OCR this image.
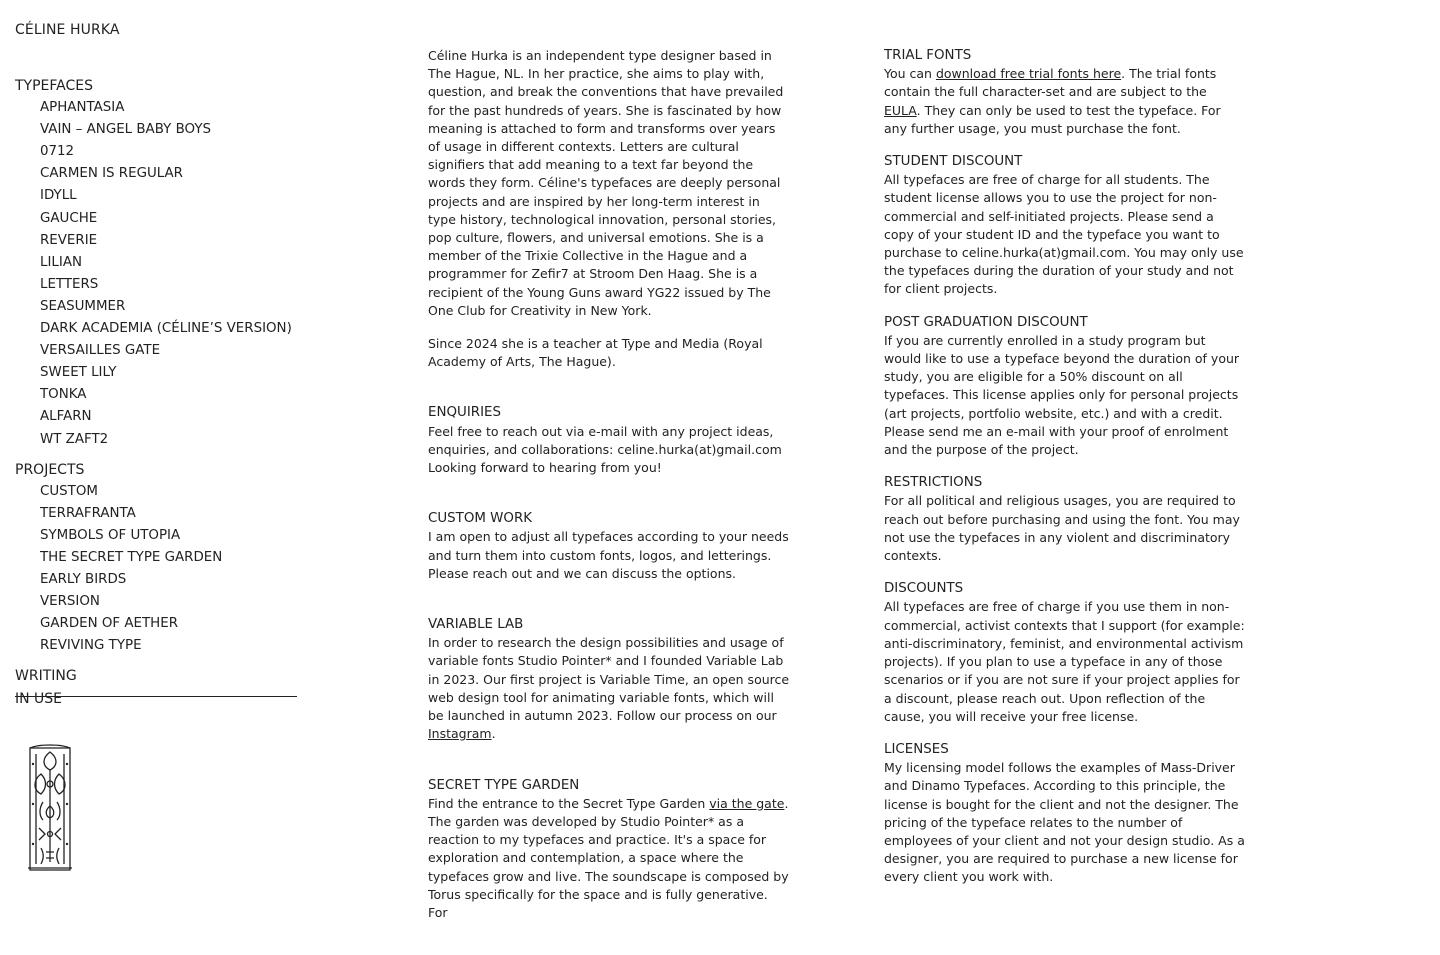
CÉLINE HURKA
TYPEFACES
APHANTASIA
VAIN – ANGEL BABY BOYS
0712
CARMEN IS REGULAR
IDYLL
GAUCHE
REVERIE
LILIAN
LETTERS
SEASUMMER
DARK ACADEMIA (CÉLINE’S VERSION)
VERSAILLES GATE
SWEET LILY
TONKA
ALFARN
WT ZAFT2
PROJECTS
CUSTOM
TERRAFRANTA
SYMBOLS OF UTOPIA
THE SECRET TYPE GARDEN
EARLY BIRDS
VERSION
GARDEN OF AETHER
REVIVING TYPE
WRITING
IN USE

Céline Hurka is an independent type designer based in The Hague, NL. In her practice, she aims to play with, question, and break the conventions that have prevailed for the past hundreds of years. She is fascinated by how meaning is attached to form and transforms over years of usage in different contexts. Letters are cultural signifiers that add meaning to a text far beyond the words they form. Céline's typefaces are deeply personal projects and are inspired by her long-term interest in type history, technological innovation, personal stories, pop culture, flowers, and universal emotions. She is a member of the Trixie Collective in the Hague and a programmer for Zefir7 at Stroom Den Haag. She is a recipient of the Young Guns award YG22 issued by The One Club for Creativity in New York.

Since 2024 she is a teacher at Type and Media (Royal Academy of Arts, The Hague).

ENQUIRIES

Feel free to reach out via e-mail with any project ideas, enquiries, and collaborations: celine.hurka(at)gmail.com Looking forward to hearing from you!

CUSTOM WORK

I am open to adjust all typefaces according to your needs and turn them into custom fonts, logos, and letterings. Please reach out and we can discuss the options.

VARIABLE LAB

In order to research the design possibilities and usage of variable fonts Studio Pointer* and I founded Variable Lab in 2023. Our first project is Variable Time, an open source web design tool for animating variable fonts, which will be launched in autumn 2023. Follow our process on our Instagram.

SECRET TYPE GARDEN

Find the entrance to the Secret Type Garden via the gate. The garden was developed by Studio Pointer* as a reaction to my typefaces and practice. It's a space for exploration and contemplation, a space where the typefaces grow and live. The soundscape is composed by Torus specifically for the space and is fully generative. For

TRIAL FONTS

You can download free trial fonts here. The trial fonts contain the full character-set and are subject to the EULA. They can only be used to test the typeface. For any further usage, you must purchase the font.

STUDENT DISCOUNT

All typefaces are free of charge for all students. The student license allows you to use the project for non-commercial and self-initiated projects. Please send a copy of your student ID and the typeface you want to purchase to celine.hurka(at)gmail.com. You may only use the typefaces during the duration of your study and not for client projects.

POST GRADUATION DISCOUNT

If you are currently enrolled in a study program but would like to use a typeface beyond the duration of your study, you are eligible for a 50% discount on all typefaces. This license applies only for personal projects (art projects, portfolio website, etc.) and with a credit. Please send me an e-mail with your proof of enrolment and the purpose of the project.

RESTRICTIONS

For all political and religious usages, you are required to reach out before purchasing and using the font. You may not use the typefaces in any violent and discriminatory contexts.

DISCOUNTS

All typefaces are free of charge if you use them in non-commercial, activist contexts that I support (for example: anti-discriminatory, feminist, and environmental activism projects). If you plan to use a typeface in any of those scenarios or if you are not sure if your project applies for a discount, please reach out. Upon reflection of the cause, you will receive your free license.

LICENSES

My licensing model follows the examples of Mass-Driver and Dinamo Typefaces. According to this principle, the license is bought for the client and not the designer. The pricing of the typeface relates to the number of employees of your client and not your design studio. As a designer, you are required to purchase a new license for every client you work with.
